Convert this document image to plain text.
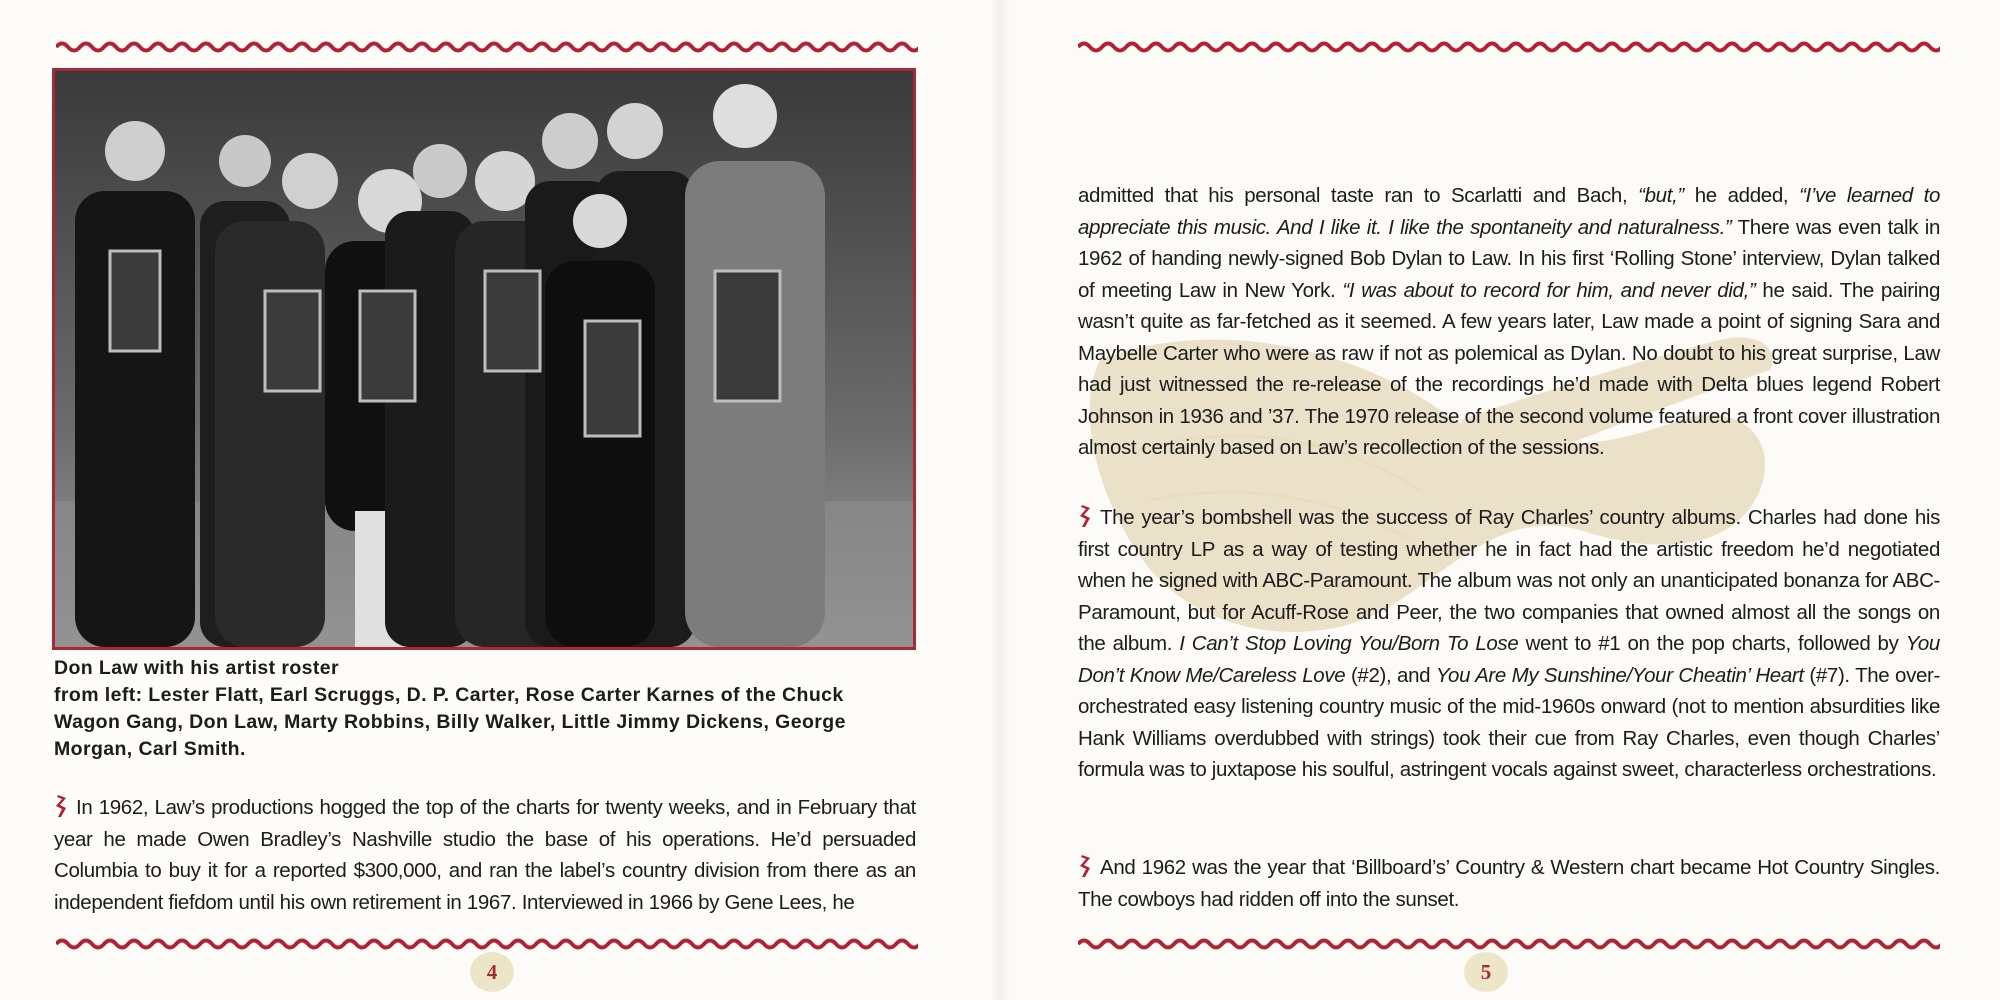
Don Law with his artist roster
from left: Lester Flatt, Earl Scruggs, D. P. Carter, Rose Carter Karnes of the Chuck Wagon Gang, Don Law, Marty Robbins, Billy Walker, Little Jimmy Dickens, George Morgan, Carl Smith.
In 1962, Law’s productions hogged the top of the charts for twenty weeks, and in February that year he made Owen Bradley’s Nashville studio the base of his operations. He’d persuaded Columbia to buy it for a reported $300,000, and ran the label’s country division from there as an independent fiefdom until his own retirement in 1967. Interviewed in 1966 by Gene Lees, he
admitted that his personal taste ran to Scarlatti and Bach, “but,” he added, “I’ve learned to appreciate this music. And I like it. I like the spontaneity and naturalness.” There was even talk in 1962 of handing newly-signed Bob Dylan to Law. In his first ‘Rolling Stone’ interview, Dylan talked of meeting Law in New York. “I was about to record for him, and never did,” he said. The pairing wasn’t quite as far-fetched as it seemed. A few years later, Law made a point of signing Sara and Maybelle Carter who were as raw if not as polemical as Dylan. No doubt to his great surprise, Law had just witnessed the re-release of the recordings he’d made with Delta blues legend Robert Johnson in 1936 and ’37. The 1970 release of the second volume featured a front cover illustration almost certainly based on Law’s recollection of the sessions.
The year’s bombshell was the success of Ray Charles’ country albums. Charles had done his first country LP as a way of testing whether he in fact had the artistic freedom he’d negotiated when he signed with ABC-Paramount. The album was not only an unanticipated bonanza for ABC-Paramount, but for Acuff-Rose and Peer, the two companies that owned almost all the songs on the album. I Can’t Stop Loving You/Born To Lose went to #1 on the pop charts, followed by You Don’t Know Me/Careless Love (#2), and You Are My Sunshine/Your Cheatin’ Heart (#7). The over-orchestrated easy listening country music of the mid-1960s onward (not to mention absurdities like Hank Williams overdubbed with strings) took their cue from Ray Charles, even though Charles’ formula was to juxtapose his soulful, astringent vocals against sweet, characterless orchestrations.
And 1962 was the year that ‘Billboard’s’ Country & Western chart became Hot Country Singles. The cowboys had ridden off into the sunset.
4	5
